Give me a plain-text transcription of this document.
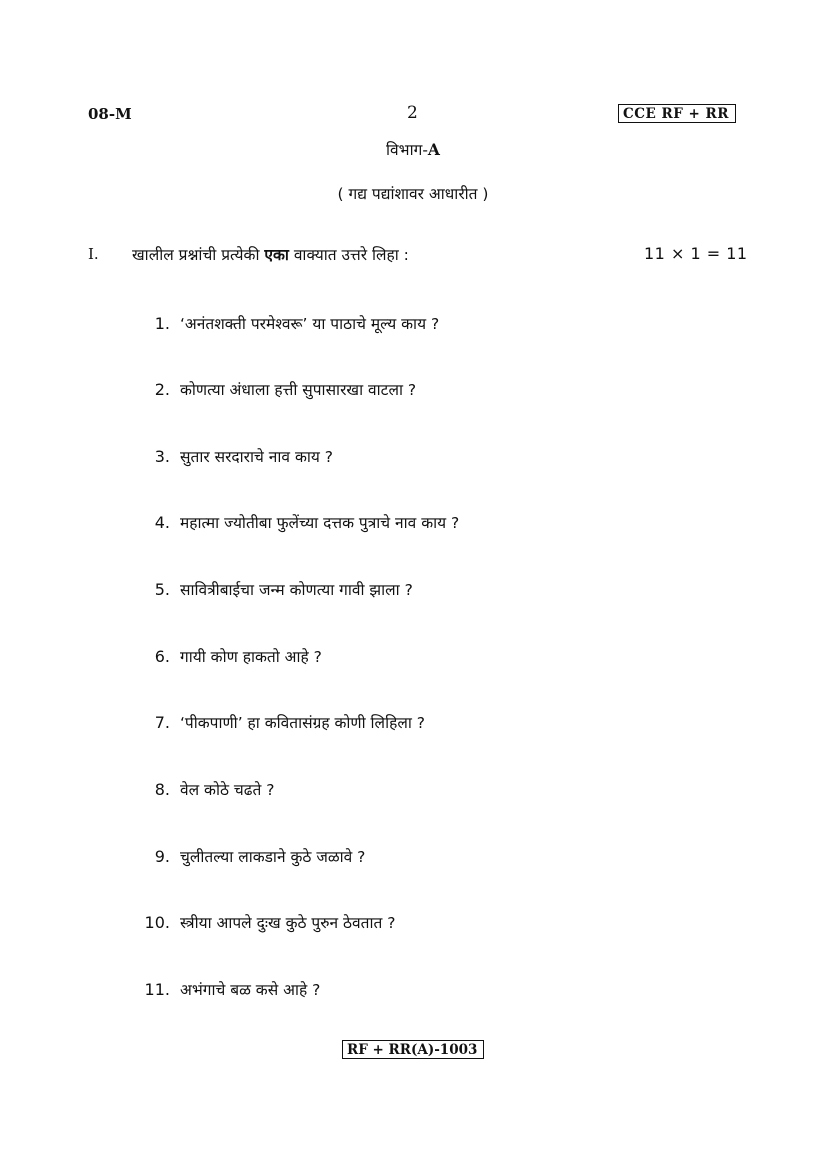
08-M	2	CCE RF + RR
विभाग-A
( गद्य पद्यांशावर आधारीत )
I. खालील प्रश्नांची प्रत्येकी एका वाक्यात उत्तरे लिहा :	11 × 1 = 11
1. ‘अनंतशक्ती परमेश्वरू’ या पाठाचे मूल्य काय ?
2. कोणत्या अंधाला हत्ती सुपासारखा वाटला ?
3. सुतार सरदाराचे नाव काय ?
4. महात्मा ज्योतीबा फुलेंच्या दत्तक पुत्राचे नाव काय ?
5. सावित्रीबाईचा जन्म कोणत्या गावी झाला ?
6. गायी कोण हाकतो आहे ?
7. ‘पीकपाणी’ हा कवितासंग्रह कोणी लिहिला ?
8. वेल कोठे चढते ?
9. चुलीतल्या लाकडाने कुठे जळावे ?
10. स्त्रीया आपले दुःख कुठे पुरुन ठेवतात ?
11. अभंगाचे बळ कसे आहे ?
RF + RR(A)-1003
